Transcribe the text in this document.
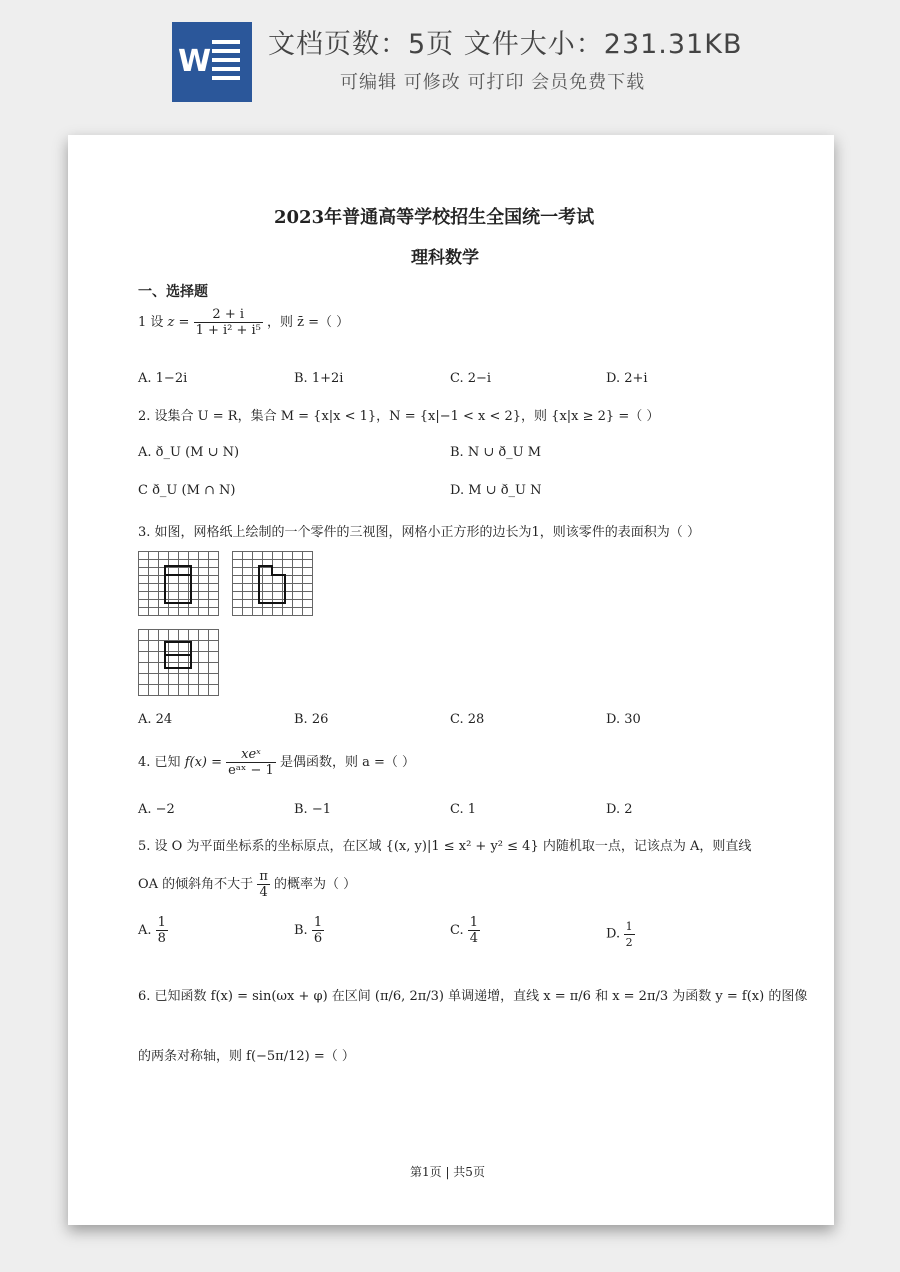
W 文档页数：5页 文件大小：231.31KB
可编辑 可修改 可打印 会员免费下载
2023年普通高等学校招生全国统一考试
理科数学
一、选择题
1 设 $z = \frac{2 + i}{\text{1 + i² + i⁵}}$ ，则 z̄ =（ ）
A. 1−2i	B. 1+2i	C. 2−i	D. 2+i
2. 设集合 U = R，集合 M = {x|x < 1}，N = {x|−1 < x < 2}，则 {x|x ≥ 2} =（ ）
A. ð_U (M ∪ N)	B. N ∪ ð_U M
C ð_U (M ∩ N)	D. M ∪ ð_U N
3. 如图，网格纸上绘制的一个零件的三视图，网格小正方形的边长为1，则该零件的表面积为（ ）
A. 24	B. 26	C. 28	D. 30
4. 已知 $f(x) = \frac{\text{xeˣ}}{\text{eᵃˣ − 1}}$ 是偶函数，则 a =（ ）
A. −2	B. −1	C. 1	D. 2
5. 设 O 为平面坐标系的坐标原点，在区域 {(x, y)|1 ≤ x² + y² ≤ 4} 内随机取一点，记该点为 A，则直线
OA 的倾斜角不大于 $\frac{\pi}{4}$ 的概率为（ ）
A. $\frac{1}{8}$	B. $\frac{1}{6}$	C. $\frac{1}{4}$	D. $\frac{1}{2}$
6. 已知函数 f(x) = sin(ωx + φ) 在区间 (π/6, 2π/3) 单调递增，直线 x = π/6 和 x = 2π/3 为函数 y = f(x) 的图像
的两条对称轴，则 f(−5π/12) =（ ）
第1页 | 共5页
